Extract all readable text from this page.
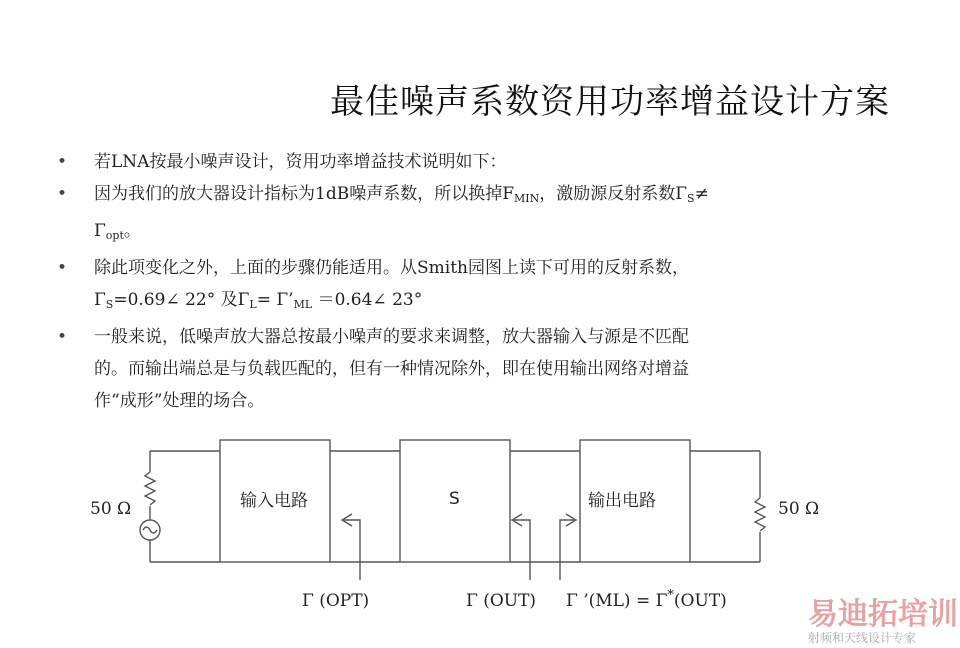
最佳噪声系数资用功率增益设计方案
• 若LNA按最小噪声设计，资用功率增益技术说明如下：
• 因为我们的放大器设计指标为1dB噪声系数，所以换掉$F_{MIN}$，激励源反射系数$\Gamma_S\ne$
$\Gamma_{opt}$。
• 除此项变化之外，上面的步骤仍能适用。从Smith园图上读下可用的反射系数，
$\Gamma_S=0.69\angle$ 22° 及$\Gamma_L=$ $\Gamma’_{ML}$ ＝0.64∠ 23°
• 一般来说，低噪声放大器总按最小噪声的要求来调整，放大器输入与源是不匹配
的。而输出端总是与负载匹配的，但有一种情况除外，即在使用输出网络对增益
作“成形”处理的场合。
50 Ω	50 Ω
输入电路	S	输出电路
Γ (OPT)	Γ (OUT) Γ ’(ML) = Γ*(OUT)	易迪拓培训
射频和天线设计专家
